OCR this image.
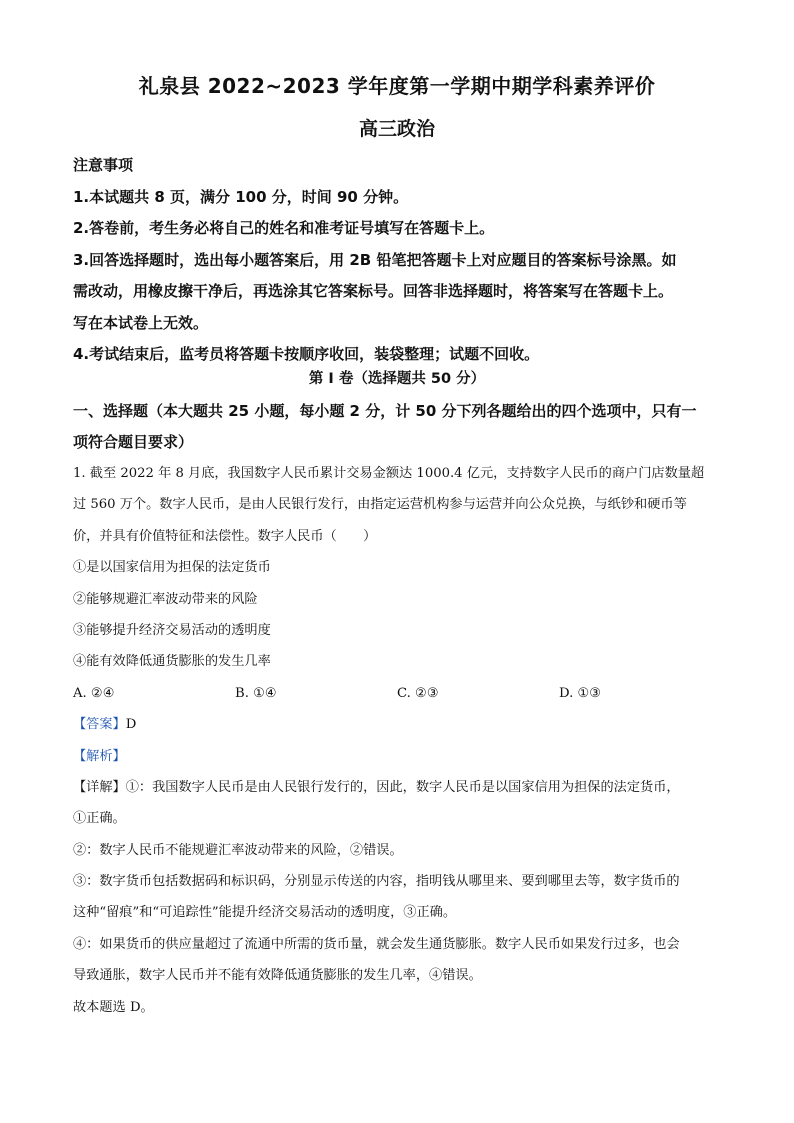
礼泉县 2022~2023 学年度第一学期中期学科素养评价
高三政治
注意事项
1.本试题共 8 页，满分 100 分，时间 90 分钟。
2.答卷前，考生务必将自己的姓名和准考证号填写在答题卡上。
3.回答选择题时，选出每小题答案后，用 2B 铅笔把答题卡上对应题目的答案标号涂黑。如
需改动，用橡皮擦干净后，再选涂其它答案标号。回答非选择题时，将答案写在答题卡上。
写在本试卷上无效。
4.考试结束后，监考员将答题卡按顺序收回，装袋整理；试题不回收。
第 I 卷（选择题共 50 分）
一、选择题（本大题共 25 小题，每小题 2 分，计 50 分下列各题给出的四个选项中，只有一
项符合题目要求）
1. 截至 2022 年 8 月底，我国数字人民币累计交易金额达 1000.4 亿元，支持数字人民币的商户门店数量超
过 560 万个。数字人民币，是由人民银行发行，由指定运营机构参与运营并向公众兑换，与纸钞和硬币等
价，并具有价值特征和法偿性。数字人民币（　　）
①是以国家信用为担保的法定货币
②能够规避汇率波动带来的风险
③能够提升经济交易活动的透明度
④能有效降低通货膨胀的发生几率
A. ②④	B. ①④	C. ②③	D. ①③
【答案】D
【解析】
【详解】①：我国数字人民币是由人民银行发行的，因此，数字人民币是以国家信用为担保的法定货币，
①正确。
②：数字人民币不能规避汇率波动带来的风险，②错误。
③：数字货币包括数据码和标识码，分别显示传送的内容，指明钱从哪里来、要到哪里去等，数字货币的
这种“留痕”和“可追踪性”能提升经济交易活动的透明度，③正确。
④：如果货币的供应量超过了流通中所需的货币量，就会发生通货膨胀。数字人民币如果发行过多，也会
导致通胀，数字人民币并不能有效降低通货膨胀的发生几率，④错误。
故本题选 D。
